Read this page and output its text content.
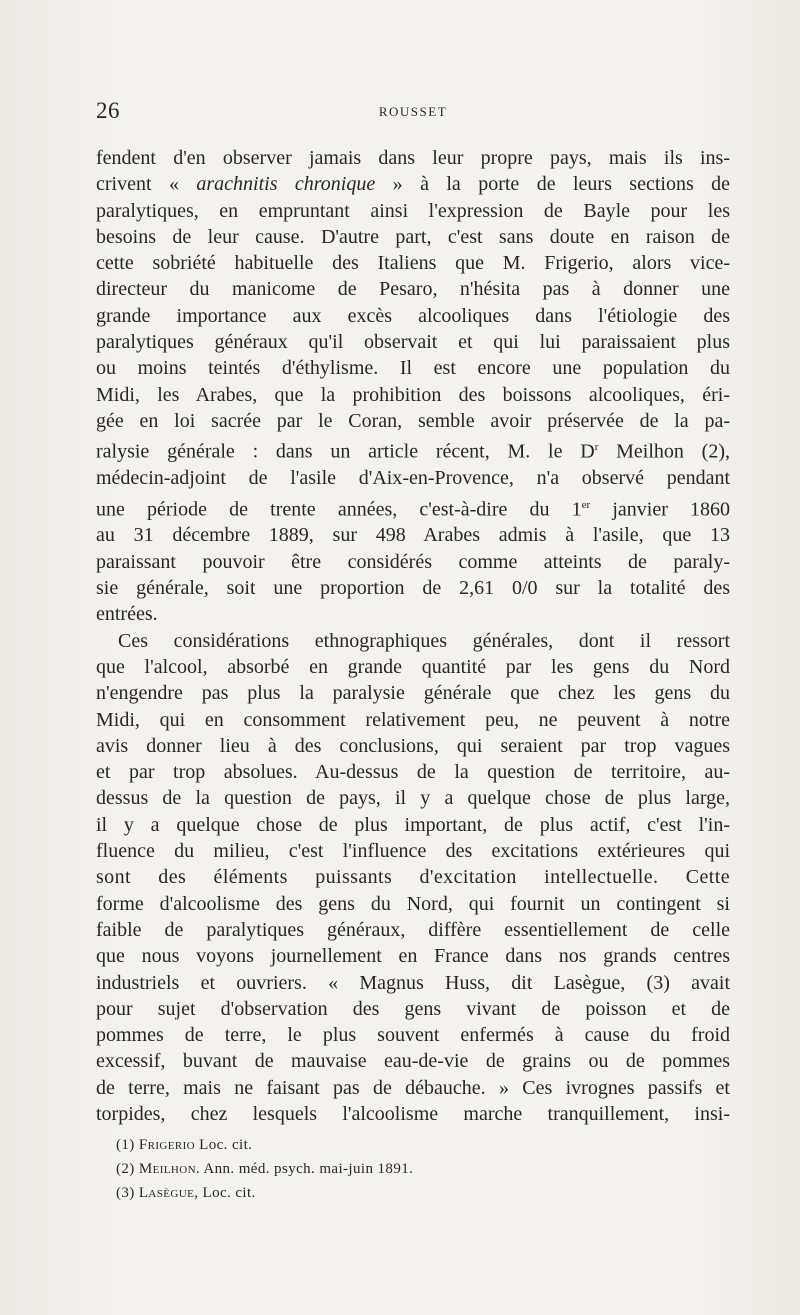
26	ROUSSET

fendent d'en observer jamais dans leur propre pays, mais ils ins-

crivent « arachnitis chronique » à la porte de leurs sections de

paralytiques, en empruntant ainsi l'expression de Bayle pour les

besoins de leur cause. D'autre part, c'est sans doute en raison de

cette sobriété habituelle des Italiens que M. Frigerio, alors vice-

directeur du manicome de Pesaro, n'hésita pas à donner une

grande importance aux excès alcooliques dans l'étiologie des

paralytiques généraux qu'il observait et qui lui paraissaient plus

ou moins teintés d'éthylisme. Il est encore une population du

Midi, les Arabes, que la prohibition des boissons alcooliques, éri-

gée en loi sacrée par le Coran, semble avoir préservée de la pa-

ralysie générale : dans un article récent, M. le $D^r$ Meilhon (2),

médecin-adjoint de l'asile d'Aix-en-Provence, n'a observé pendant

une période de trente années, c'est-à-dire du 1er janvier 1860

au 31 décembre 1889, sur 498 Arabes admis à l'asile, que 13

paraissant pouvoir être considérés comme atteints de paraly-

sie générale, soit une proportion de 2,61 0/0 sur la totalité des

entrées.

Ces considérations ethnographiques générales, dont il ressort

que l'alcool, absorbé en grande quantité par les gens du Nord

n'engendre pas plus la paralysie générale que chez les gens du

Midi, qui en consomment relativement peu, ne peuvent à notre

avis donner lieu à des conclusions, qui seraient par trop vagues

et par trop absolues. Au-dessus de la question de territoire, au-

dessus de la question de pays, il y a quelque chose de plus large,

il y a quelque chose de plus important, de plus actif, c'est l'in-

fluence du milieu, c'est l'influence des excitations extérieures qui

sont des éléments puissants d'excitation intellectuelle. Cette

forme d'alcoolisme des gens du Nord, qui fournit un contingent si

faible de paralytiques généraux, diffère essentiellement de celle

que nous voyons journellement en France dans nos grands centres

industriels et ouvriers. « Magnus Huss, dit Lasègue, (3) avait

pour sujet d'observation des gens vivant de poisson et de

pommes de terre, le plus souvent enfermés à cause du froid

excessif, buvant de mauvaise eau-de-vie de grains ou de pommes

de terre, mais ne faisant pas de débauche. » Ces ivrognes passifs et

torpides, chez lesquels l'alcoolisme marche tranquillement, insi-

(1) Frigerio Loc. cit.

(2) Meilhon. Ann. méd. psych. mai-juin 1891.

(3) Lasègue, Loc. cit.
